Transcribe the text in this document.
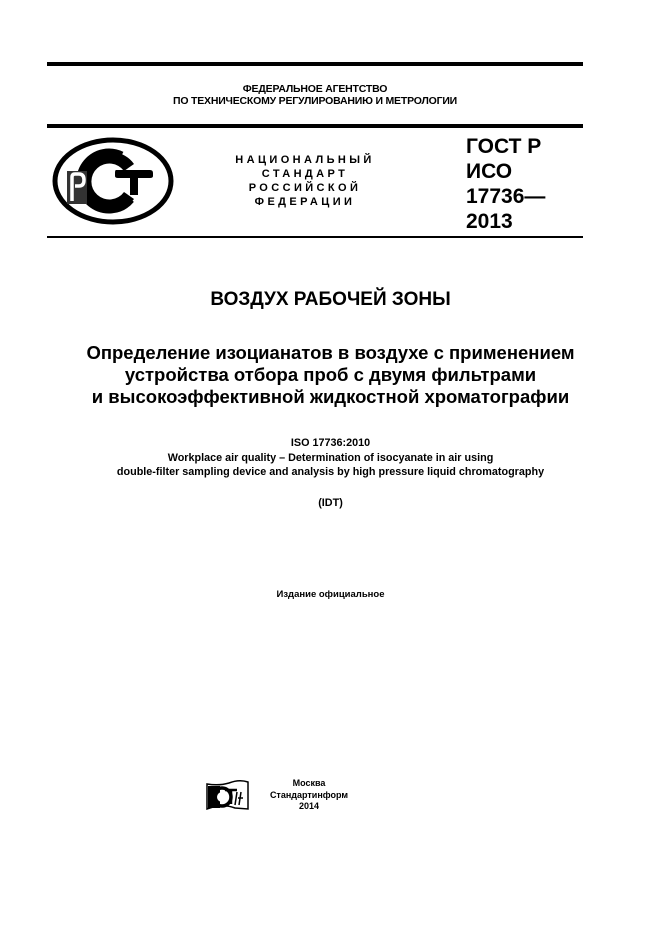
ФЕДЕРАЛЬНОЕ АГЕНТСТВО
ПО ТЕХНИЧЕСКОМУ РЕГУЛИРОВАНИЮ И МЕТРОЛОГИИ
НАЦИОНАЛЬНЫЙ
СТАНДАРТ
РОССИЙСКОЙ
ФЕДЕРАЦИИ
ГОСТ Р
ИСО
17736—
2013
ВОЗДУХ РАБОЧЕЙ ЗОНЫ
Определение изоцианатов в воздухе с применением
устройства отбора проб с двумя фильтрами
и высокоэффективной жидкостной хроматографии
ISO 17736:2010
Workplace air quality – Determination of isocyanate in air using
double-filter sampling device and analysis by high pressure liquid chromatography
(IDT)
Издание официальное
Москва
Стандартинформ
2014
